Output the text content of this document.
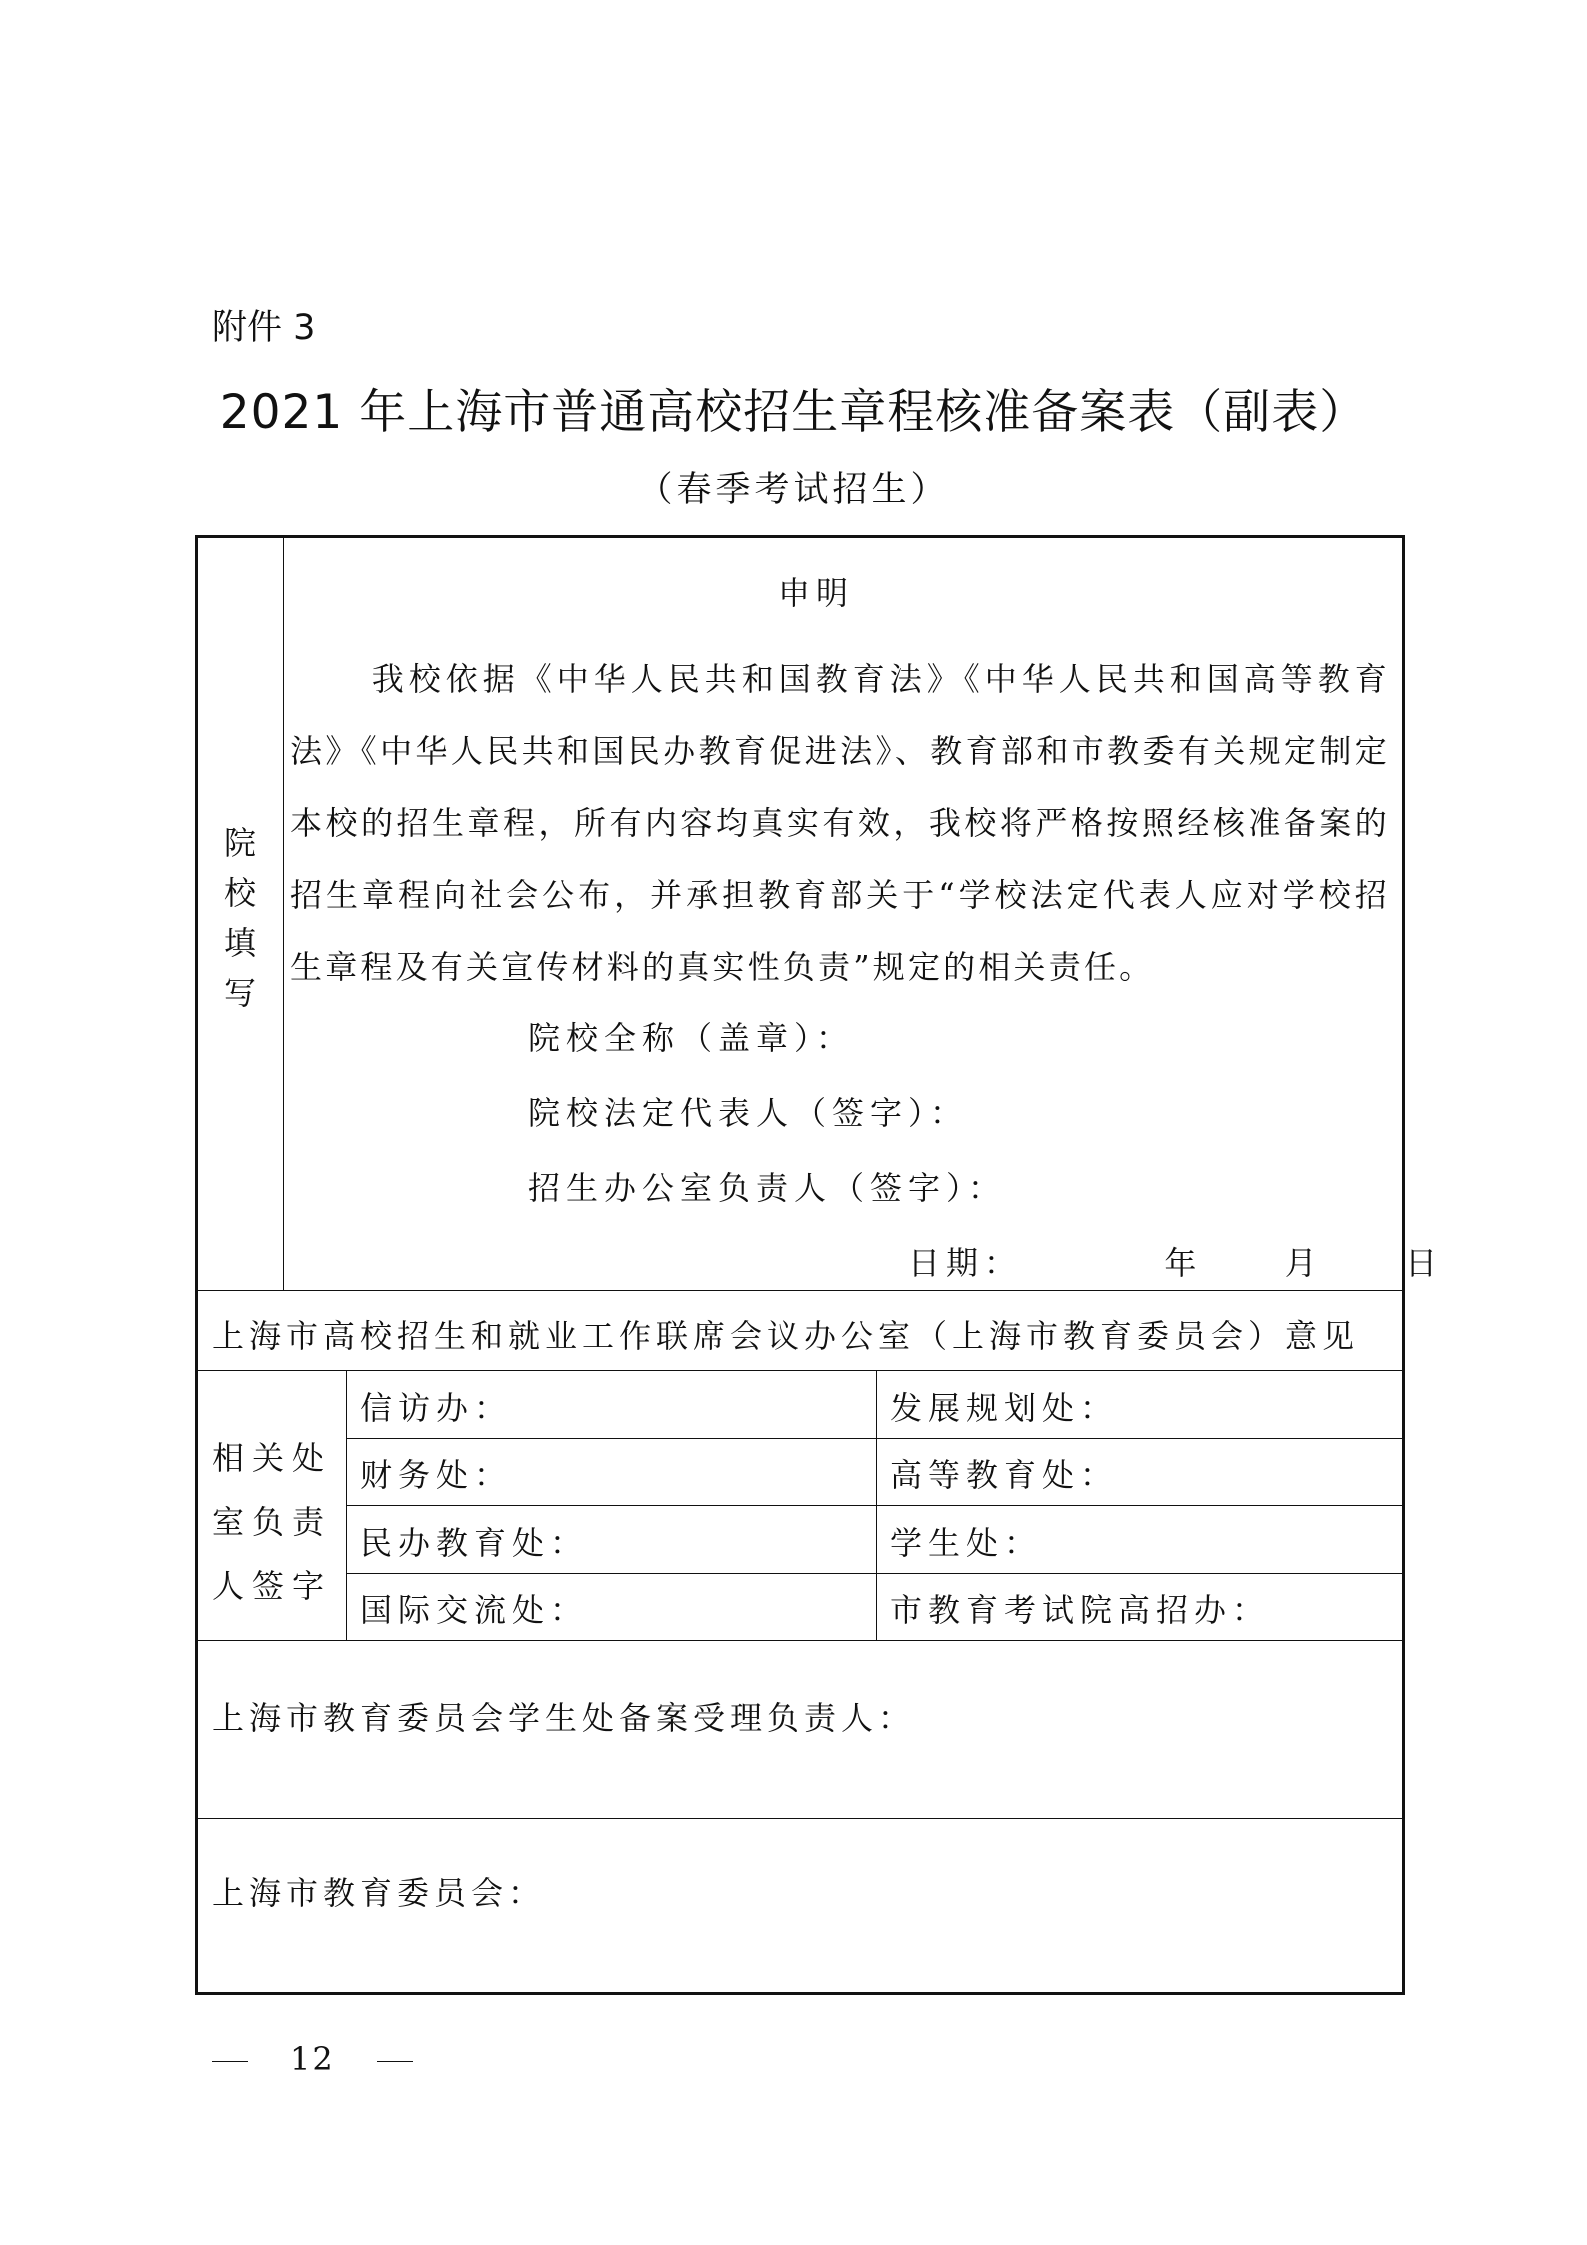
附件 3
2021 年上海市普通高校招生章程核准备案表（副表）
（春季考试招生）
院
校
填
写
申明
我校依据《中华人民共和国教育法》《中华人民共和国高等教育法》《中华人民共和国民办教育促进法》、教育部和市教委有关规定制定本校的招生章程，所有内容均真实有效，我校将严格按照经核准备案的招生章程向社会公布，并承担教育部关于“学校法定代表人应对学校招生章程及有关宣传材料的真实性负责”规定的相关责任。
院校全称（盖章）：
院校法定代表人（签字）：
招生办公室负责人（签字）：
日期：	年	月	日
上海市高校招生和就业工作联席会议办公室（上海市教育委员会）意见
相关处
室负责
人签字
信访办：	发展规划处：
财务处：	高等教育处：
民办教育处：	学生处：
国际交流处：	市教育考试院高招办：
上海市教育委员会学生处备案受理负责人：
上海市教育委员会：
12
